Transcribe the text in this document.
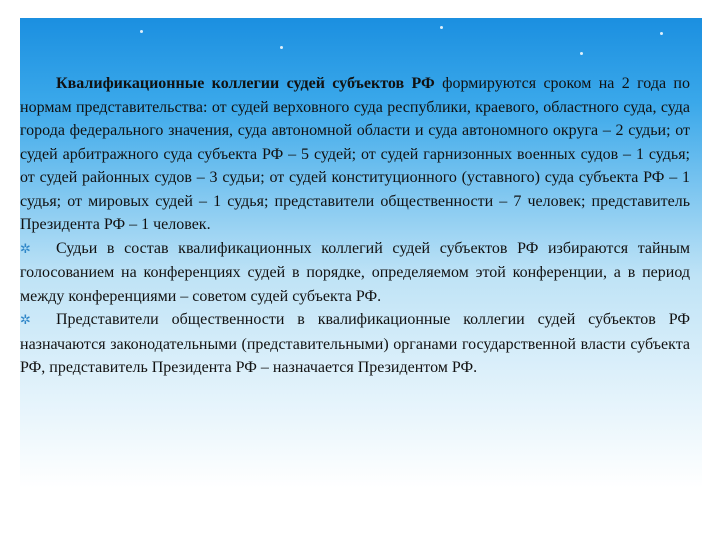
Квалификационные коллегии судей субъектов РФ формируются сроком на 2 года по нормам представительства: от судей верховного суда республики, краевого, областного суда, суда города федерального значения, суда автономной области и суда автономного округа – 2 судьи; от судей арбитражного суда субъекта РФ – 5 судей; от судей гарнизонных военных судов – 1 судья; от судей районных судов – 3 судьи; от судей конституционного (уставного) суда субъекта РФ – 1 судья; от мировых судей – 1 судья; представители общественности – 7 человек; представитель Президента РФ – 1 человек.

✲ Судьи в состав квалификационных коллегий судей субъектов РФ избираются тайным голосованием на конференциях судей в порядке, определяемом этой конференции, а в период между конференциями – советом судей субъекта РФ.

✲ Представители общественности в квалификационные коллегии судей субъектов РФ назначаются законодательными (представительными) органами государственной власти субъекта РФ, представитель Президента РФ – назначается Президентом РФ.
